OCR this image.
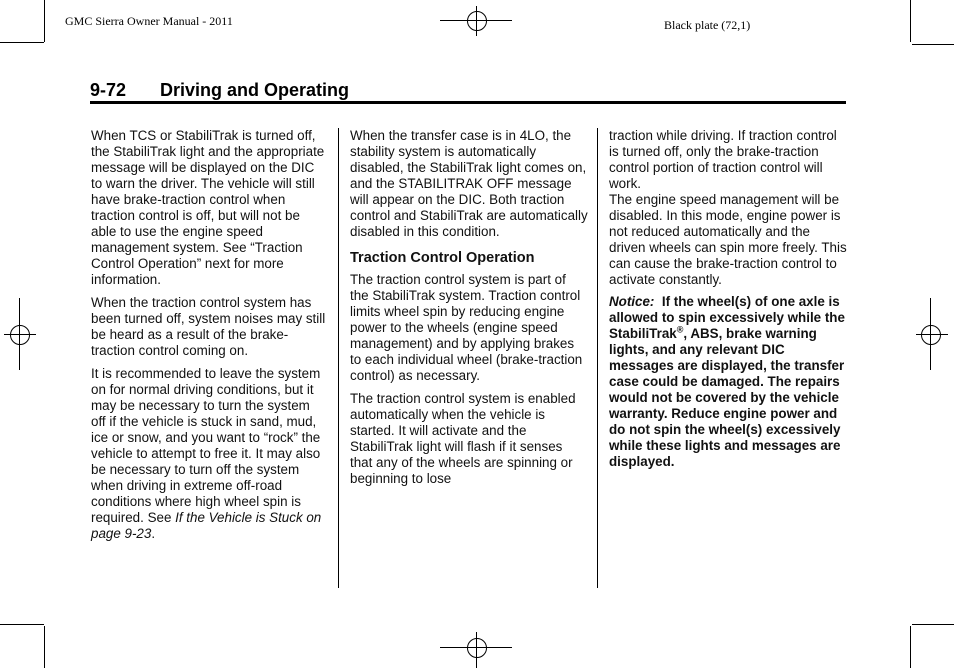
GMC Sierra Owner Manual - 2011	Black plate (72,1)
9-72 Driving and Operating

When TCS or StabiliTrak is turned off, the StabiliTrak light and the appropriate message will be displayed on the DIC to warn the driver. The vehicle will still have brake-traction control when traction control is off, but will not be able to use the engine speed management system. See “Traction Control Operation” next for more information.

When the traction control system has been turned off, system noises may still be heard as a result of the brake-traction control coming on.

It is recommended to leave the system on for normal driving conditions, but it may be necessary to turn the system off if the vehicle is stuck in sand, mud, ice or snow, and you want to “rock” the vehicle to attempt to free it. It may also be necessary to turn off the system when driving in extreme off-road conditions where high wheel spin is required. See If the Vehicle is Stuck on page 9-23.

When the transfer case is in 4LO, the stability system is automatically disabled, the StabiliTrak light comes on, and the STABILITRAK OFF message will appear on the DIC. Both traction control and StabiliTrak are automatically disabled in this condition.

Traction Control Operation

The traction control system is part of the StabiliTrak system. Traction control limits wheel spin by reducing engine power to the wheels (engine speed management) and by applying brakes to each individual wheel (brake-traction control) as necessary.

The traction control system is enabled automatically when the vehicle is started. It will activate and the StabiliTrak light will flash if it senses that any of the wheels are spinning or beginning to lose

traction while driving. If traction control is turned off, only the brake-traction control portion of traction control will work.

The engine speed management will be disabled. In this mode, engine power is not reduced automatically and the driven wheels can spin more freely. This can cause the brake-traction control to activate constantly.

Notice: If the wheel(s) of one axle is allowed to spin excessively while the StabiliTrak®, ABS, brake warning lights, and any relevant DIC messages are displayed, the transfer case could be damaged. The repairs would not be covered by the vehicle warranty. Reduce engine power and do not spin the wheel(s) excessively while these lights and messages are displayed.
